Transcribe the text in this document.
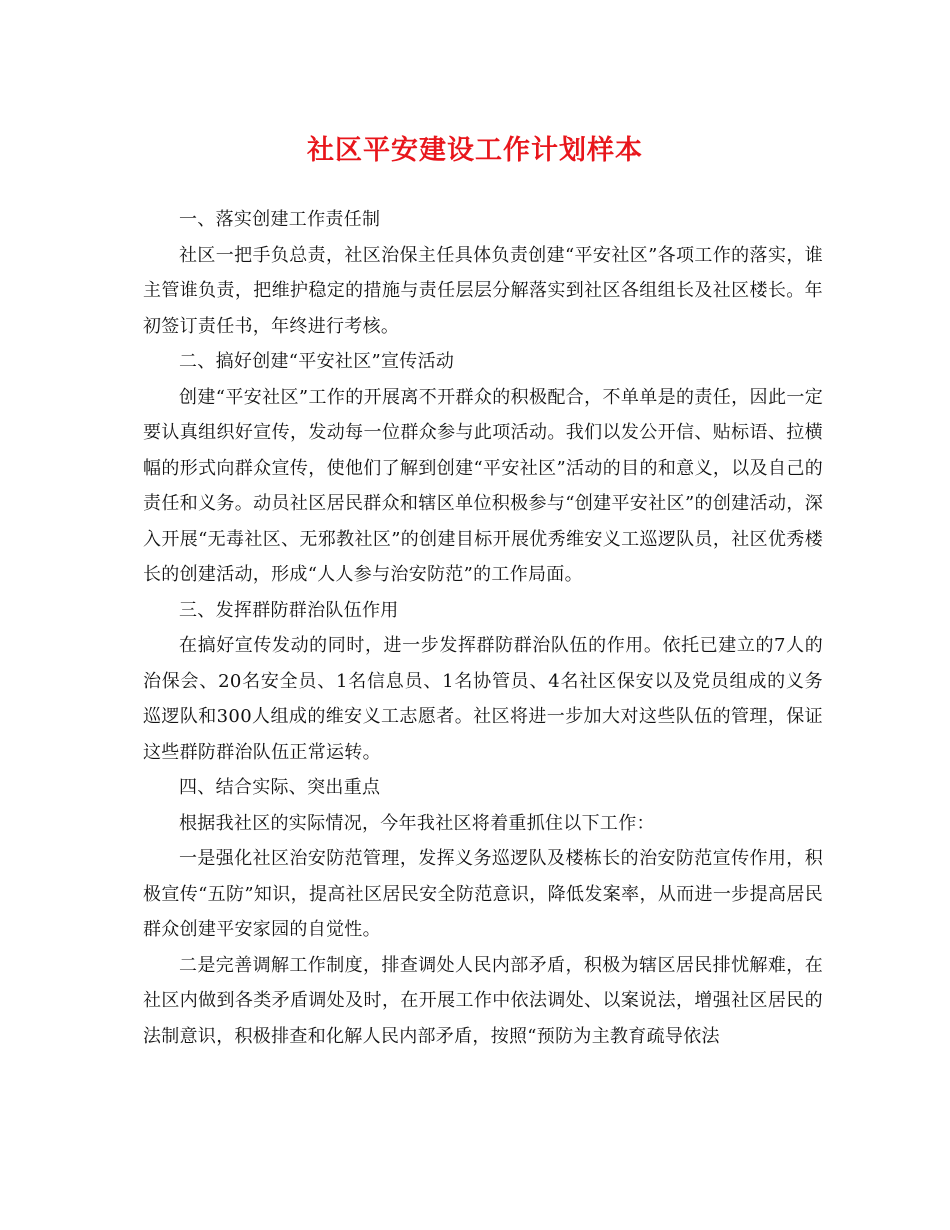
社区平安建设工作计划样本

一、落实创建工作责任制

社区一把手负总责，社区治保主任具体负责创建“平安社区”各项工作的落实，谁主管谁负责，把维护稳定的措施与责任层层分解落实到社区各组组长及社区楼长。年初签订责任书，年终进行考核。

二、搞好创建“平安社区”宣传活动

创建“平安社区”工作的开展离不开群众的积极配合，不单单是的责任，因此一定要认真组织好宣传，发动每一位群众参与此项活动。我们以发公开信、贴标语、拉横幅的形式向群众宣传，使他们了解到创建“平安社区”活动的目的和意义，以及自己的责任和义务。动员社区居民群众和辖区单位积极参与“创建平安社区”的创建活动，深入开展“无毒社区、无邪教社区”的创建目标开展优秀维安义工巡逻队员，社区优秀楼长的创建活动，形成“人人参与治安防范”的工作局面。

三、发挥群防群治队伍作用

在搞好宣传发动的同时，进一步发挥群防群治队伍的作用。依托已建立的7人的治保会、20名安全员、1名信息员、1名协管员、4名社区保安以及党员组成的义务巡逻队和300人组成的维安义工志愿者。社区将进一步加大对这些队伍的管理，保证这些群防群治队伍正常运转。

四、结合实际、突出重点

根据我社区的实际情况，今年我社区将着重抓住以下工作：

一是强化社区治安防范管理，发挥义务巡逻队及楼栋长的治安防范宣传作用，积极宣传“五防”知识，提高社区居民安全防范意识，降低发案率，从而进一步提高居民群众创建平安家园的自觉性。

二是完善调解工作制度，排查调处人民内部矛盾，积极为辖区居民排忧解难，在社区内做到各类矛盾调处及时，在开展工作中依法调处、以案说法，增强社区居民的法制意识，积极排查和化解人民内部矛盾，按照“预防为主教育疏导依法
